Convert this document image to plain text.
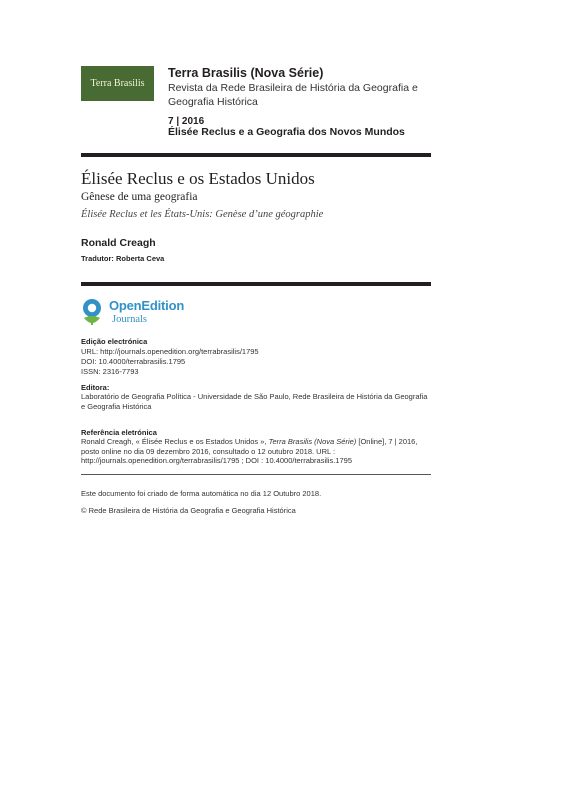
Terra Brasilis
Terra Brasilis (Nova Série)
Revista da Rede Brasileira de História da Geografia e Geografia Histórica
7 | 2016
Élisée Reclus e a Geografia dos Novos Mundos
Élisée Reclus e os Estados Unidos
Gênese de uma geografia
Élisée Reclus et les États-Unis: Genèse d’une géographie
Ronald Creagh
Tradutor: Roberta Ceva
OpenEdition
Journals
Edição electrónica
URL: http://journals.openedition.org/terrabrasilis/1795
DOI: 10.4000/terrabrasilis.1795
ISSN: 2316-7793
Editora:
Laboratório de Geografia Política - Universidade de São Paulo, Rede Brasileira de História da Geografia e Geografia Histórica
Referência eletrónica
Ronald Creagh, « Élisée Reclus e os Estados Unidos », Terra Brasilis (Nova Série) [Online], 7 | 2016, posto online no dia 09 dezembro 2016, consultado o 12 outubro 2018. URL : http://journals.openedition.org/terrabrasilis/1795 ; DOI : 10.4000/terrabrasilis.1795
Este documento foi criado de forma automática no dia 12 Outubro 2018.
© Rede Brasileira de História da Geografia e Geografia Histórica
